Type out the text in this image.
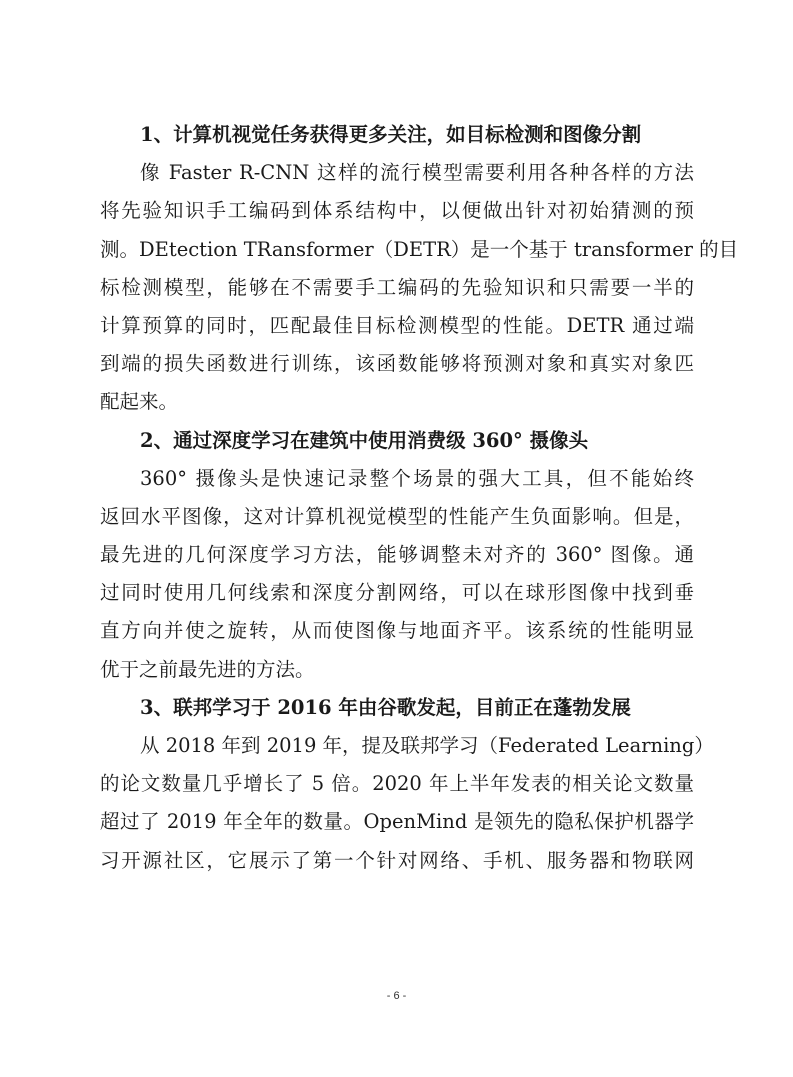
1、计算机视觉任务获得更多关注，如目标检测和图像分割
像 Faster R-CNN 这样的流行模型需要利用各种各样的方法
将先验知识手工编码到体系结构中，以便做出针对初始猜测的预
测。DEtection TRansformer（DETR）是一个基于 transformer 的目
标检测模型，能够在不需要手工编码的先验知识和只需要一半的
计算预算的同时，匹配最佳目标检测模型的性能。DETR 通过端
到端的损失函数进行训练，该函数能够将预测对象和真实对象匹
配起来。
2、通过深度学习在建筑中使用消费级 360° 摄像头
360° 摄像头是快速记录整个场景的强大工具，但不能始终
返回水平图像，这对计算机视觉模型的性能产生负面影响。但是，
最先进的几何深度学习方法，能够调整未对齐的 360° 图像。通
过同时使用几何线索和深度分割网络，可以在球形图像中找到垂
直方向并使之旋转，从而使图像与地面齐平。该系统的性能明显
优于之前最先进的方法。
3、联邦学习于 2016 年由谷歌发起，目前正在蓬勃发展
从 2018 年到 2019 年，提及联邦学习（Federated Learning）
的论文数量几乎增长了 5 倍。2020 年上半年发表的相关论文数量
超过了 2019 年全年的数量。OpenMind 是领先的隐私保护机器学
习开源社区，它展示了第一个针对网络、手机、服务器和物联网
- 6 -
